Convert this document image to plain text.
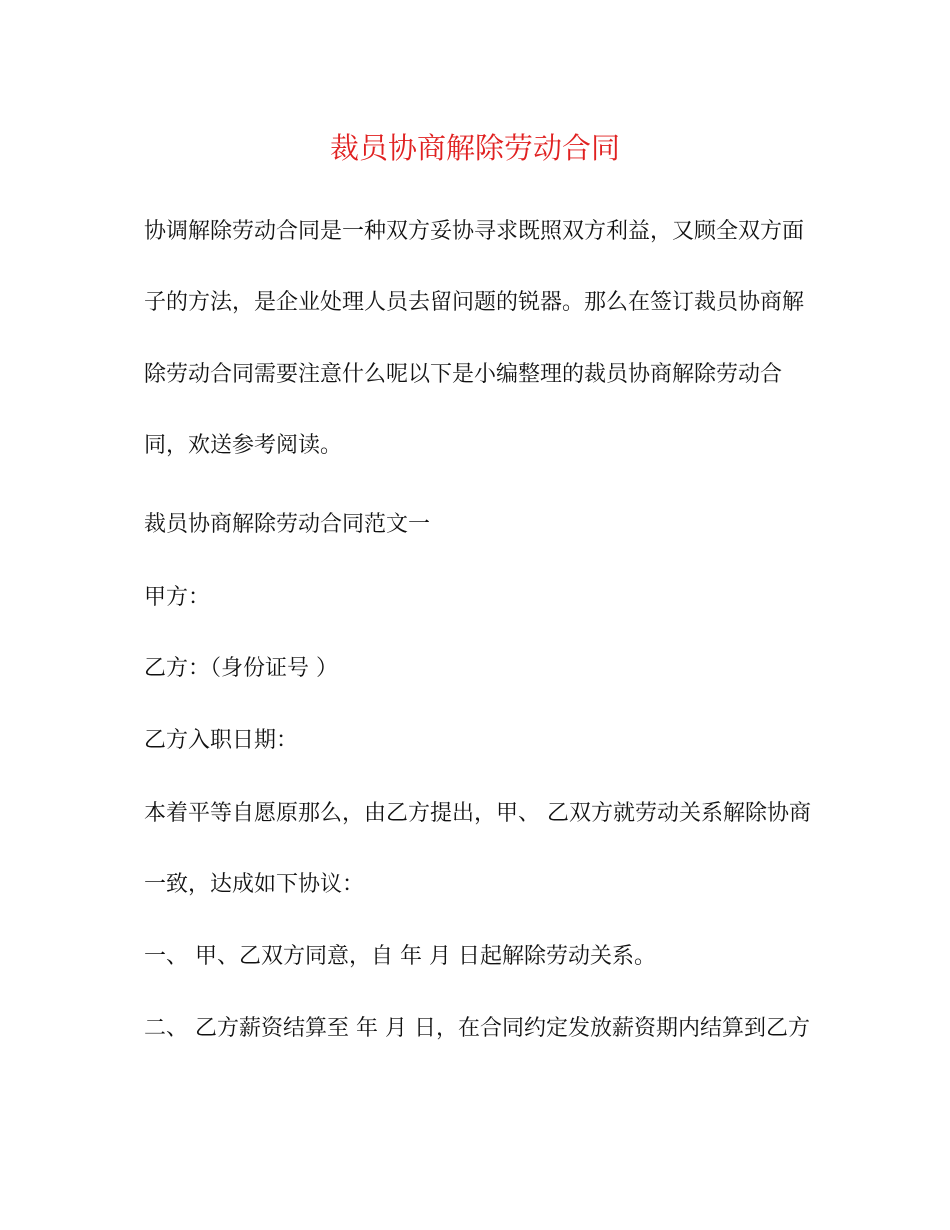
裁员协商解除劳动合同
协调解除劳动合同是一种双方妥协寻求既照双方利益，又顾全双方面
子的方法，是企业处理人员去留问题的锐器。那么在签订裁员协商解
除劳动合同需要注意什么呢以下是小编整理的裁员协商解除劳动合
同，欢送参考阅读。
裁员协商解除劳动合同范文一
甲方：
乙方：（身份证号 ）
乙方入职日期：
本着平等自愿原那么，由乙方提出，甲、 乙双方就劳动关系解除协商
一致，达成如下协议：
一、 甲、乙双方同意，自 年 月 日起解除劳动关系。
二、 乙方薪资结算至 年 月 日，在合同约定发放薪资期内结算到乙方
